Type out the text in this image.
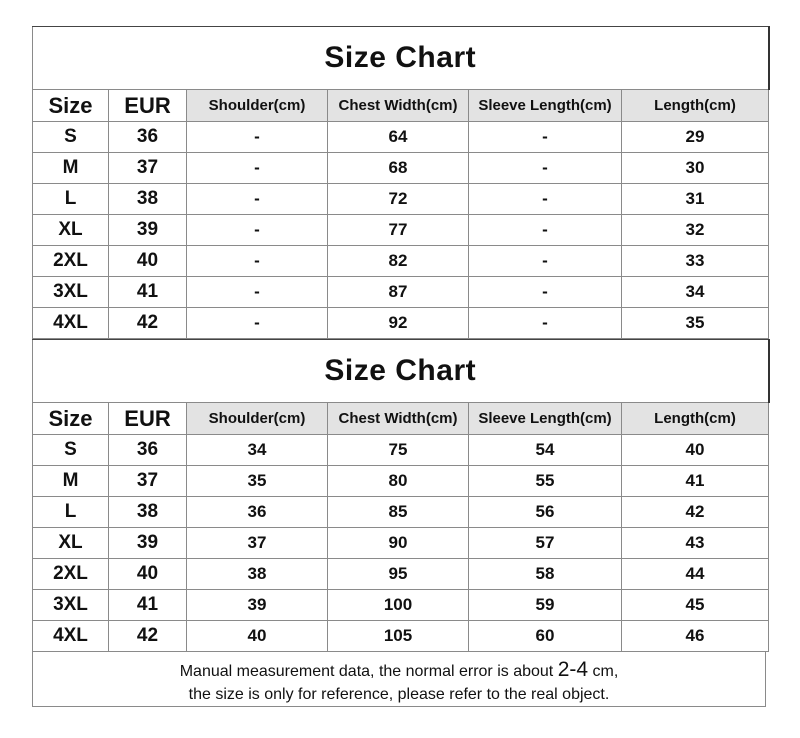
Size Chart					
Size	EUR	Shoulder(cm)	Chest Width(cm)	Sleeve Length(cm)	Length(cm)
S	36	-	64	-	29
M	37	-	68	-	30
L	38	-	72	-	31
XL	39	-	77	-	32
2XL	40	-	82	-	33
3XL	41	-	87	-	34
4XL	42	-	92	-	35
Size Chart					
Size	EUR	Shoulder(cm)	Chest Width(cm)	Sleeve Length(cm)	Length(cm)
S	36	34	75	54	40
M	37	35	80	55	41
L	38	36	85	56	42
XL	39	37	90	57	43
2XL	40	38	95	58	44
3XL	41	39	100	59	45
4XL	42	40	105	60	46
Manual measurement data, the normal error is about 2-4 cm,
the size is only for reference, please refer to the real object.
